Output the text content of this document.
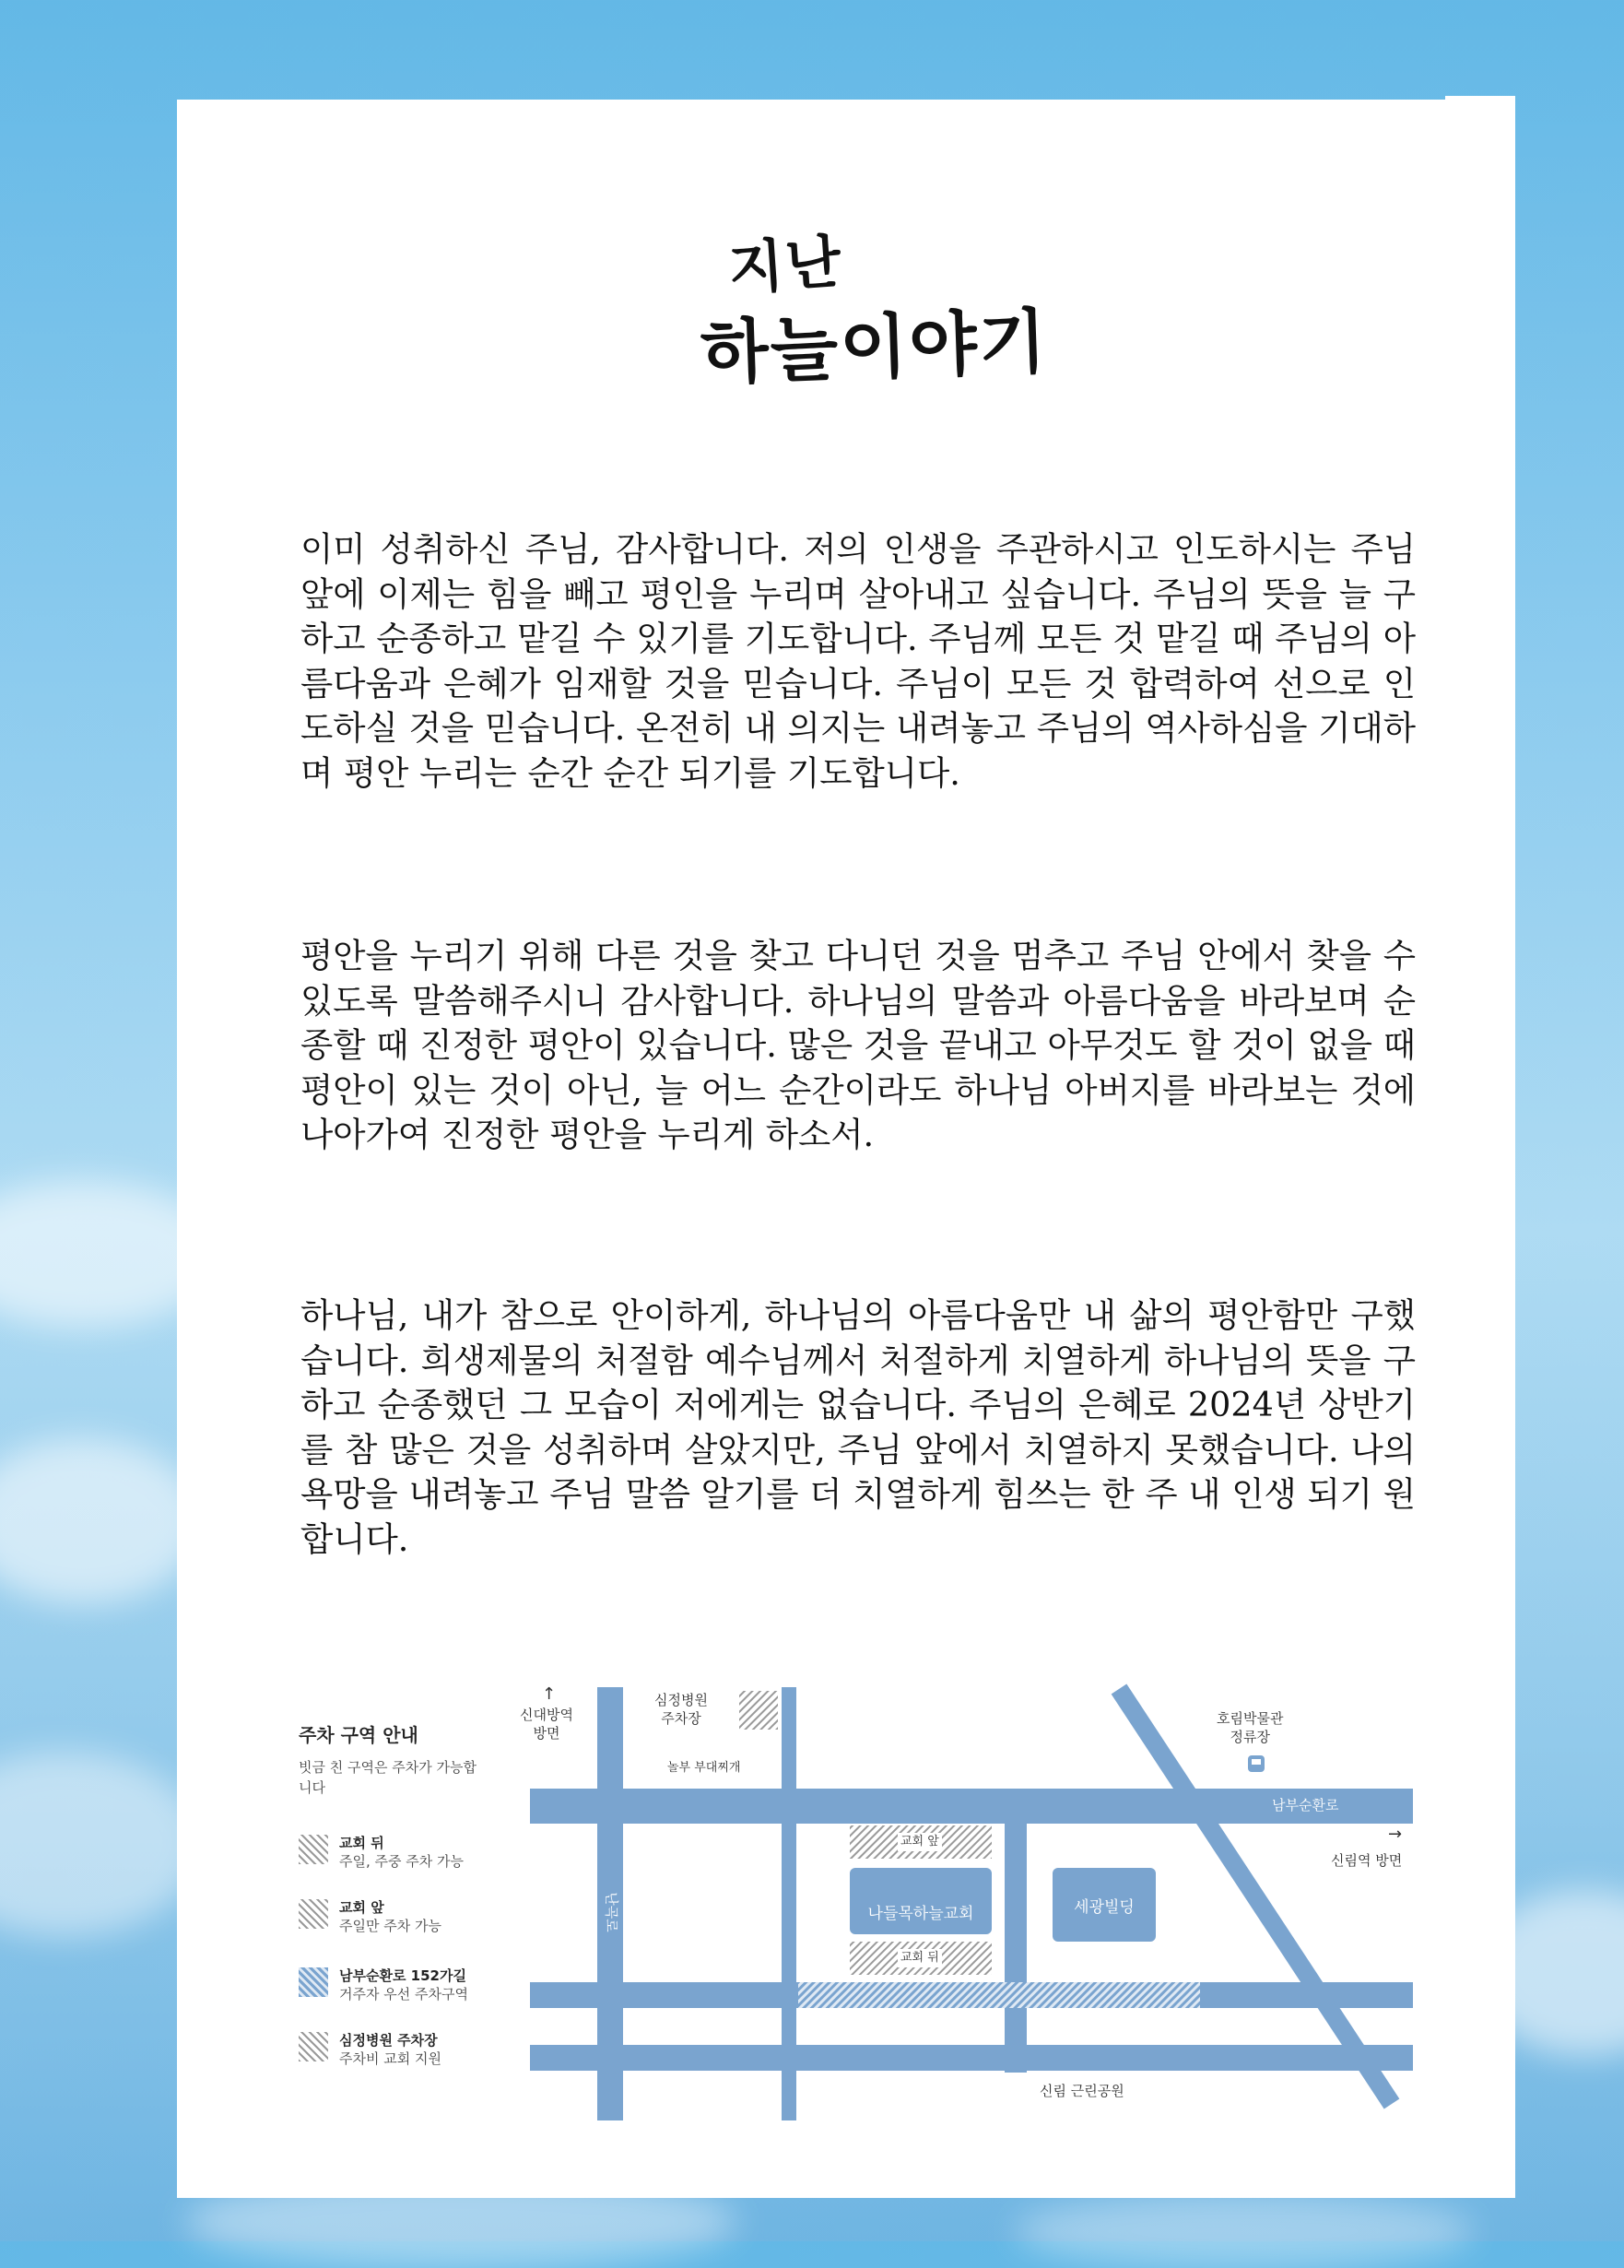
지난
하늘이야기

이미 성취하신 주님, 감사합니다. 저의 인생을 주관하시고 인도하시는 주님 앞에 이제는 힘을 빼고 평인을 누리며 살아내고 싶습니다. 주님의 뜻을 늘 구하고 순종하고 맡길 수 있기를 기도합니다. 주님께 모든 것 맡길 때 주님의 아름다움과 은혜가 임재할 것을 믿습니다. 주님이 모든 것 합력하여 선으로 인도하실 것을 믿습니다. 온전히 내 의지는 내려놓고 주님의 역사하심을 기대하며 평안 누리는 순간 순간 되기를 기도합니다.

평안을 누리기 위해 다른 것을 찾고 다니던 것을 멈추고 주님 안에서 찾을 수 있도록 말씀해주시니 감사합니다. 하나님의 말씀과 아름다움을 바라보며 순종할 때 진정한 평안이 있습니다. 많은 것을 끝내고 아무것도 할 것이 없을 때 평안이 있는 것이 아닌, 늘 어느 순간이라도 하나님 아버지를 바라보는 것에 나아가여 진정한 평안을 누리게 하소서.

하나님, 내가 참으로 안이하게, 하나님의 아름다움만 내 삶의 평안함만 구했습니다. 희생제물의 처절함 예수님께서 처절하게 치열하게 하나님의 뜻을 구하고 순종했던 그 모습이 저에게는 없습니다. 주님의 은혜로 2024년 상반기를 참 많은 것을 성취하며 살았지만, 주님 앞에서 치열하지 못했습니다. 나의 욕망을 내려놓고 주님 말씀 알기를 더 치열하게 힘쓰는 한 주 내 인생 되기 원합니다.

주차 구역 안내
빗금 친 구역은 주차가 가능합니다
교회 뒤
주일, 주중 주차 가능
교회 앞
주일만 주차 가능
남부순환로 152가길
거주자 우선 주차구역
심정병원 주차장
주차비 교회 지원
나들목하늘교회	세광빌딩
↑
신대방역
방면
심정병원
주차장
놀부 부대찌개
호림박물관
정류장
남부순환로
→
신림역 방면
난곡로
교회 앞
교회 뒤
신림 근린공원
